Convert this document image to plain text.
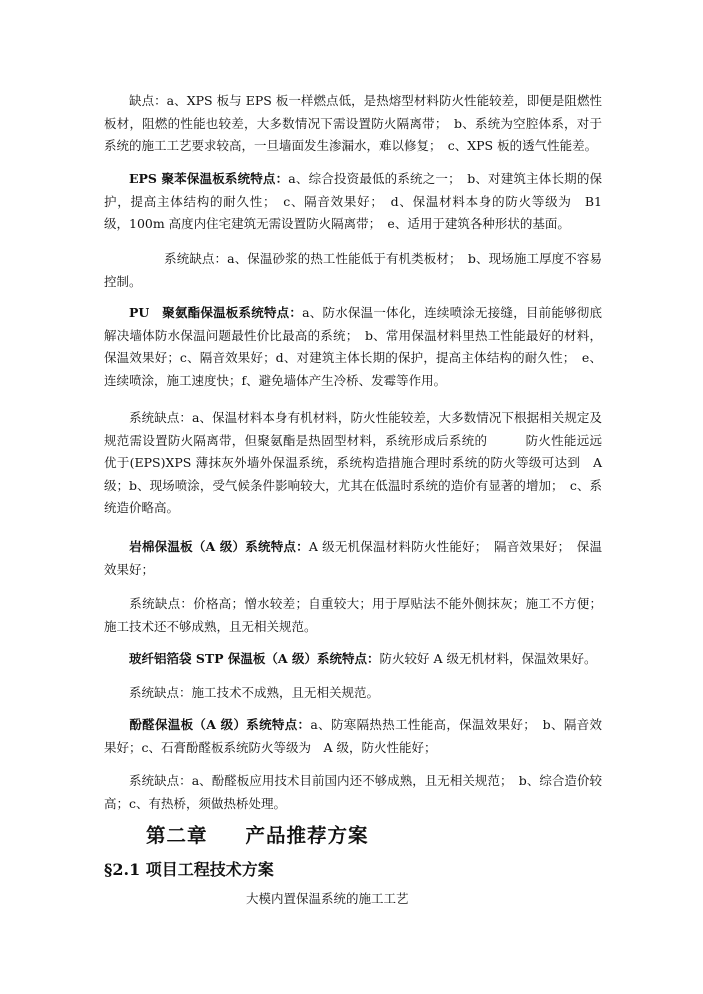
缺点：a、XPS 板与 EPS 板一样燃点低，是热熔型材料防火性能较差，即便是阻燃性板材，阻燃的性能也较差，大多数情况下需设置防火隔离带；　b、系统为空腔体系，对于系统的施工工艺要求较高，一旦墙面发生渗漏水，难以修复；　c、XPS 板的透气性能差。

EPS 聚苯保温板系统特点：a、综合投资最低的系统之一；　b、对建筑主体长期的保护，提高主体结构的耐久性；　c、隔音效果好；　d、保温材料本身的防火等级为　B1 级，100m 高度内住宅建筑无需设置防火隔离带；　e、适用于建筑各种形状的基面。

系统缺点：a、保温砂浆的热工性能低于有机类板材；　b、现场施工厚度不容易控制。

PU　聚氨酯保温板系统特点：a、防水保温一体化，连续喷涂无接缝，目前能够彻底解决墙体防水保温问题最性价比最高的系统；　b、常用保温材料里热工性能最好的材料，保温效果好；c、隔音效果好；d、对建筑主体长期的保护，提高主体结构的耐久性；　e、连续喷涂，施工速度快；f、避免墙体产生冷桥、发霉等作用。

系统缺点：a、保温材料本身有机材料，防火性能较差，大多数情况下根据相关规定及规范需设置防火隔离带，但聚氨酯是热固型材料，系统形成后系统的　　　防火性能远远优于(EPS)XPS 薄抹灰外墙外保温系统，系统构造措施合理时系统的防火等级可达到　A 级；b、现场喷涂，受气候条件影响较大，尤其在低温时系统的造价有显著的增加；　c、系统造价略高。

岩棉保温板（A 级）系统特点：A 级无机保温材料防火性能好；　隔音效果好；　保温效果好；

系统缺点：价格高；憎水较差；自重较大；用于厚贴法不能外侧抹灰；施工不方便；施工技术还不够成熟，且无相关规范。

玻纤铝箔袋 STP 保温板（A 级）系统特点：防火较好 A 级无机材料，保温效果好。

系统缺点：施工技术不成熟，且无相关规范。

酚醛保温板（A 级）系统特点：a、防寒隔热热工性能高，保温效果好；　b、隔音效果好；c、石膏酚醛板系统防火等级为　A 级，防火性能好；

系统缺点：a、酚醛板应用技术目前国内还不够成熟，且无相关规范；　b、综合造价较高；c、有热桥，须做热桥处理。

第二章 产品推荐方案
§2.1 项目工程技术方案

大模内置保温系统的施工工艺
